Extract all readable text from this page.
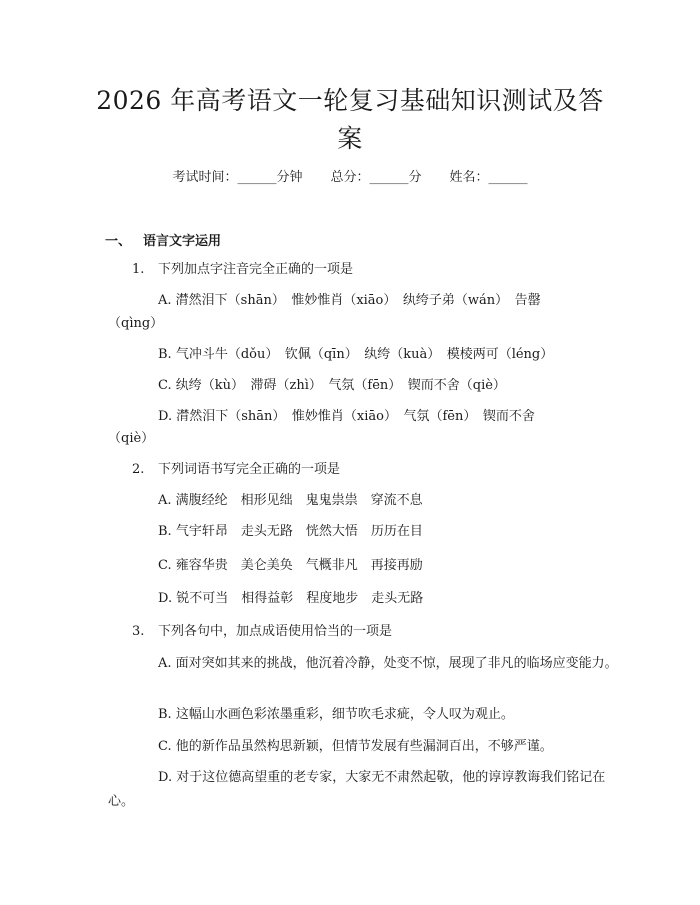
2026 年高考语文一轮复习基础知识测试及答
案
考试时间：______分钟 总分：______分 姓名：______
一、 语言文字运用
1. 下列加点字注音完全正确的一项是
A. 潸然泪下（shān）　惟妙惟肖（xiāo）　纨绔子弟（wán）　告罄
（qìng）
B. 气冲斗牛（dǒu）　钦佩（qīn）　纨绔（kuà）　模棱两可（léng）
C. 纨绔（kù）　滞碍（zhì）　气氛（fēn）　锲而不舍（qiè）
D. 潸然泪下（shān）　惟妙惟肖（xiāo）　气氛（fēn）　锲而不舍
（qiè）
2. 下列词语书写完全正确的一项是
A. 满腹经纶　相形见绌　鬼鬼祟祟　穿流不息
B. 气宇轩昂　走头无路　恍然大悟　历历在目
C. 雍容华贵　美仑美奂　气概非凡　再接再励
D. 锐不可当　相得益彰　程度地步　走头无路
3. 下列各句中，加点成语使用恰当的一项是
A. 面对突如其来的挑战，他沉着冷静，处变不惊，展现了非凡的临场应变能力。
B. 这幅山水画色彩浓墨重彩，细节吹毛求疵，令人叹为观止。
C. 他的新作品虽然构思新颖，但情节发展有些漏洞百出，不够严谨。
D. 对于这位德高望重的老专家，大家无不肃然起敬，他的谆谆教诲我们铭记在心。
